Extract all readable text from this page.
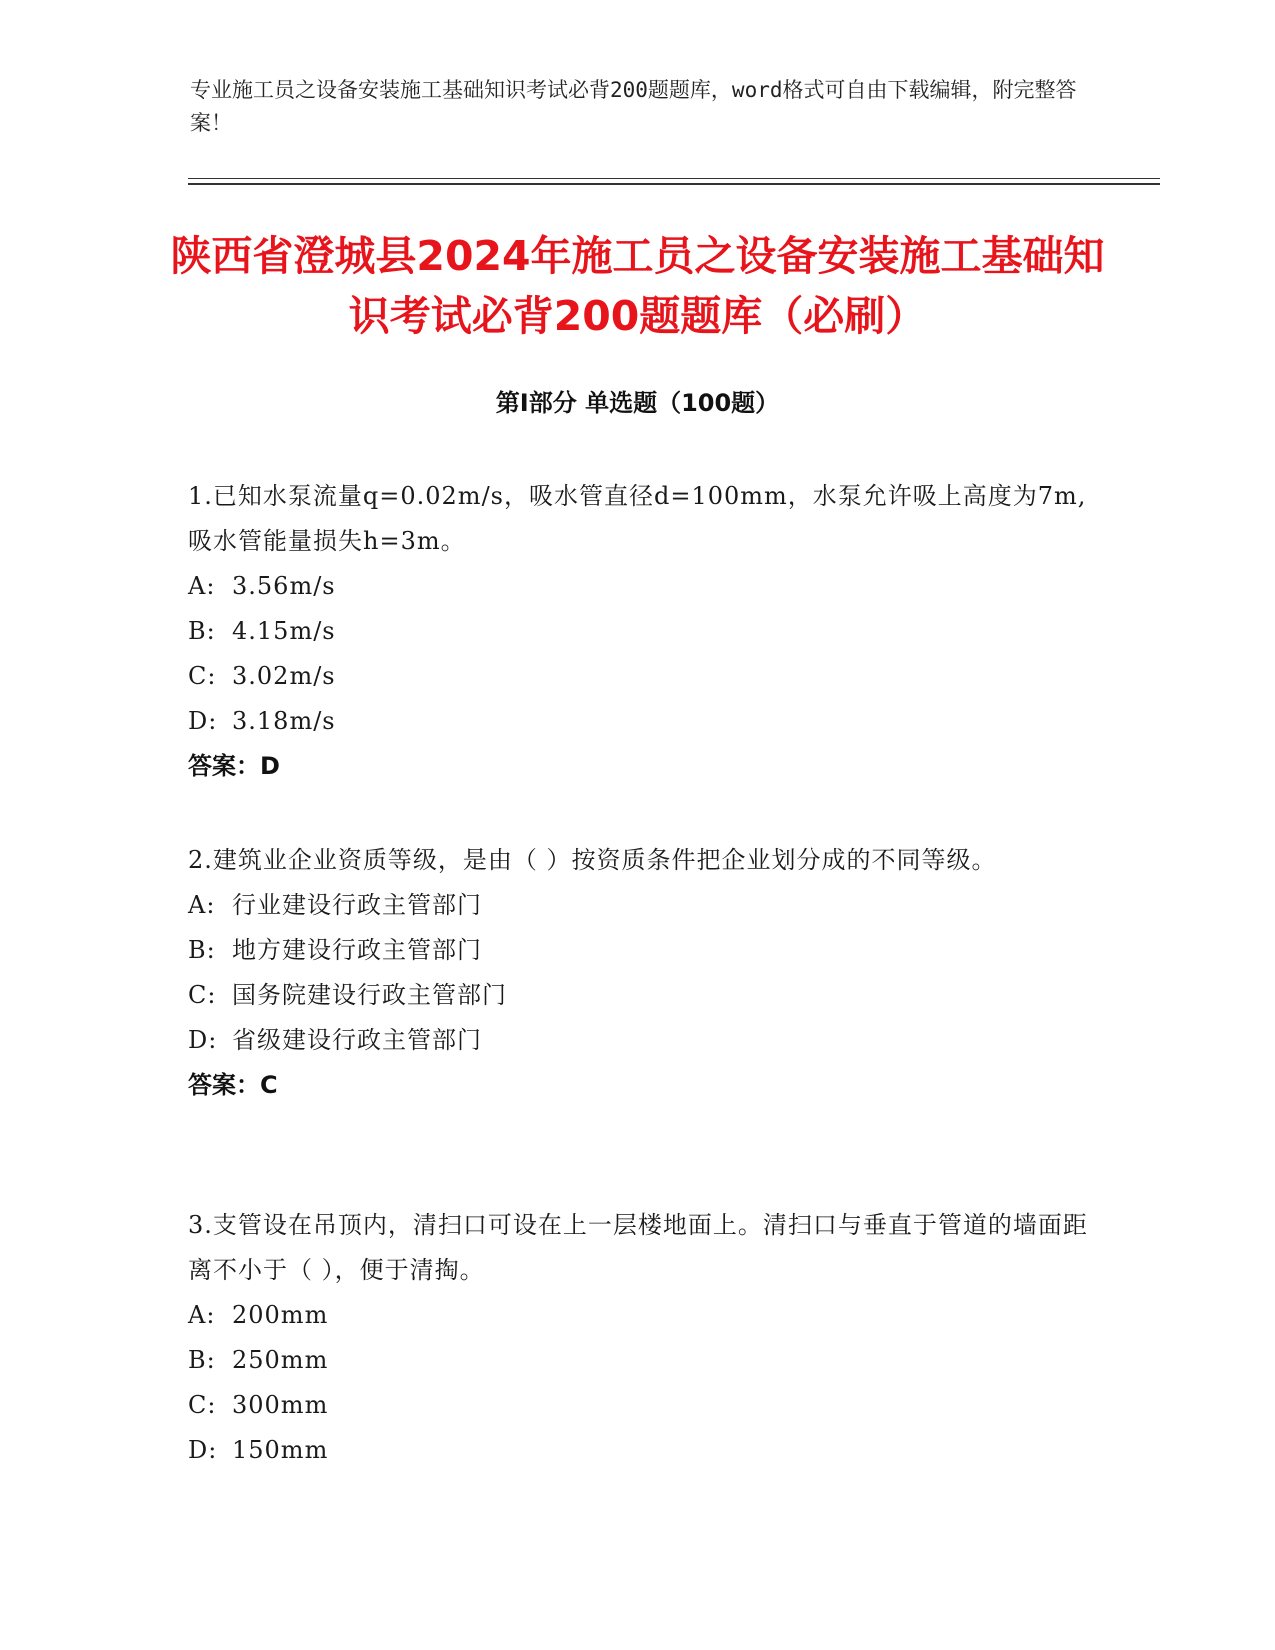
专业施工员之设备安装施工基础知识考试必背200题题库，word格式可自由下载编辑，附完整答案！
陕西省澄城县2024年施工员之设备安装施工基础知识考试必背200题题库（必刷）
第I部分 单选题（100题）

1.已知水泵流量q=0.02m/s，吸水管直径d=100mm，水泵允许吸上高度为7m,吸水管能量损失h=3m。

A: 3.56m/s

B: 4.15m/s

C: 3.02m/s

D: 3.18m/s

答案：D

2.建筑业企业资质等级，是由（ ）按资质条件把企业划分成的不同等级。

A: 行业建设行政主管部门

B: 地方建设行政主管部门

C: 国务院建设行政主管部门

D: 省级建设行政主管部门

答案：C

3.支管设在吊顶内，清扫口可设在上一层楼地面上。清扫口与垂直于管道的墙面距离不小于（ ），便于清掏。

A: 200mm

B: 250mm

C: 300mm

D: 150mm
